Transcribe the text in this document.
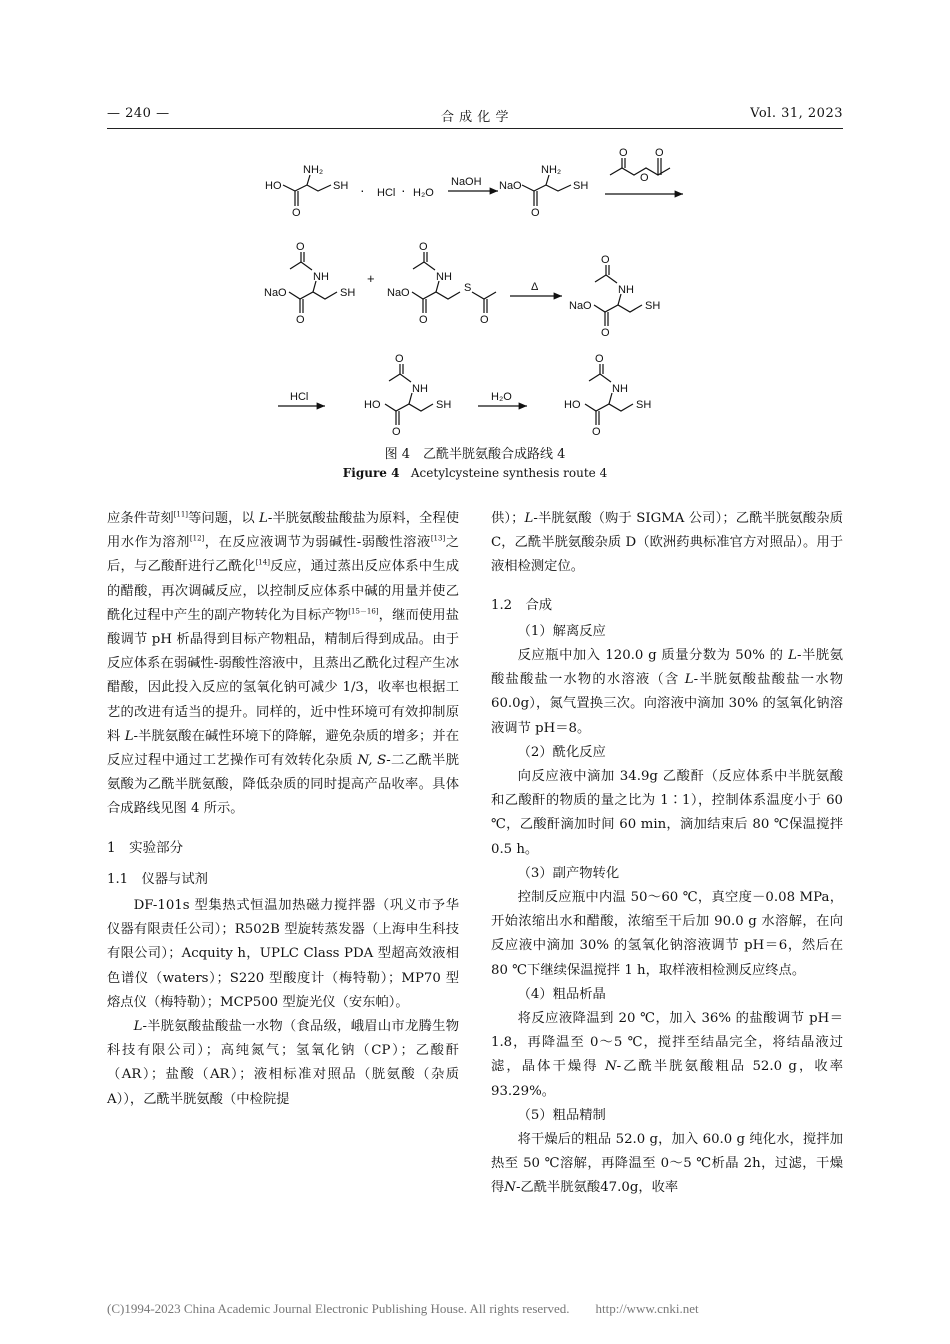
— 240 —	合 成 化 学	Vol. 31, 2023
HO
NH₂
SH
O
· HCl · H₂O
NaOH NaO
NH₂
SH
O
O O
O
O
NH
NaO	SH
O
+
O
NH
NaO	S
O	O
Δ
O
NH
NaO	SH
O
HCl
O
NH
HO	SH
O
H₂O
O
NH
HO	SH
O
图 4　乙酰半胱氨酸合成路线 4
Figure 4 Acetylcysteine synthesis route 4

应条件苛刻[11]等问题，以 L-半胱氨酸盐酸盐为原料，全程使用水作为溶剂[12]，在反应液调节为弱碱性-弱酸性溶液[13]之后，与乙酸酐进行乙酰化[14]反应，通过蒸出反应体系中生成的醋酸，再次调碱反应，以控制反应体系中碱的用量并使乙酰化过程中产生的副产物转化为目标产物[15－16]，继而使用盐酸调节 pH 析晶得到目标产物粗品，精制后得到成品。由于反应体系在弱碱性-弱酸性溶液中，且蒸出乙酰化过程产生冰醋酸，因此投入反应的氢氧化钠可减少 1/3，收率也根据工艺的改进有适当的提升。同样的，近中性环境可有效抑制原料 L-半胱氨酸在碱性环境下的降解，避免杂质的增多；并在反应过程中通过工艺操作可有效转化杂质 N, S-二乙酰半胱氨酸为乙酰半胱氨酸，降低杂质的同时提高产品收率。具体合成路线见图 4 所示。

1　实验部分

1.1　仪器与试剂

DF-101s 型集热式恒温加热磁力搅拌器（巩义市予华仪器有限责任公司）；R502B 型旋转蒸发器（上海申生科技有限公司）；Acquity h，UPLC Class PDA 型超高效液相色谱仪（waters）；S220 型酸度计（梅特勒）；MP70 型熔点仪（梅特勒）；MCP500 型旋光仪（安东帕）。

L-半胱氨酸盐酸盐一水物（食品级，峨眉山市龙腾生物科技有限公司）；高纯氮气；氢氧化钠（CP）；乙酸酐（AR）；盐酸（AR）；液相标准对照品（胱氨酸（杂质 A）），乙酰半胱氨酸（中检院提

供）；L-半胱氨酸（购于 SIGMA 公司）；乙酰半胱氨酸杂质 C，乙酰半胱氨酸杂质 D（欧洲药典标准官方对照品）。用于液相检测定位。

1.2　合成

（1）解离反应

反应瓶中加入 120.0 g 质量分数为 50% 的 L-半胱氨酸盐酸盐一水物的水溶液（含 L-半胱氨酸盐酸盐一水物 60.0g），氮气置换三次。向溶液中滴加 30% 的氢氧化钠溶液调节 pH＝8。

（2）酰化反应

向反应液中滴加 34.9g 乙酸酐（反应体系中半胱氨酸和乙酸酐的物质的量之比为 1∶1），控制体系温度小于 60 ℃，乙酸酐滴加时间 60 min，滴加结束后 80 ℃保温搅拌 0.5 h。

（3）副产物转化

控制反应瓶中内温 50～60 ℃，真空度－0.08 MPa，开始浓缩出水和醋酸，浓缩至干后加 90.0 g 水溶解，在向反应液中滴加 30% 的氢氧化钠溶液调节 pH＝6，然后在 80 ℃下继续保温搅拌 1 h，取样液相检测反应终点。

（4）粗品析晶

将反应液降温到 20 ℃，加入 36% 的盐酸调节 pH＝1.8，再降温至 0～5 ℃，搅拌至结晶完全，将结晶液过滤，晶体干燥得 N-乙酰半胱氨酸粗品 52.0 g，收率 93.29%。

（5）粗品精制

将干燥后的粗品 52.0 g，加入 60.0 g 纯化水，搅拌加热至 50 ℃溶解，再降温至 0～5 ℃析晶 2h，过滤，干燥得N-乙酰半胱氨酸47.0g，收率

(C)1994-2023 China Academic Journal Electronic Publishing House. All rights reserved.　　http://www.cnki.net
